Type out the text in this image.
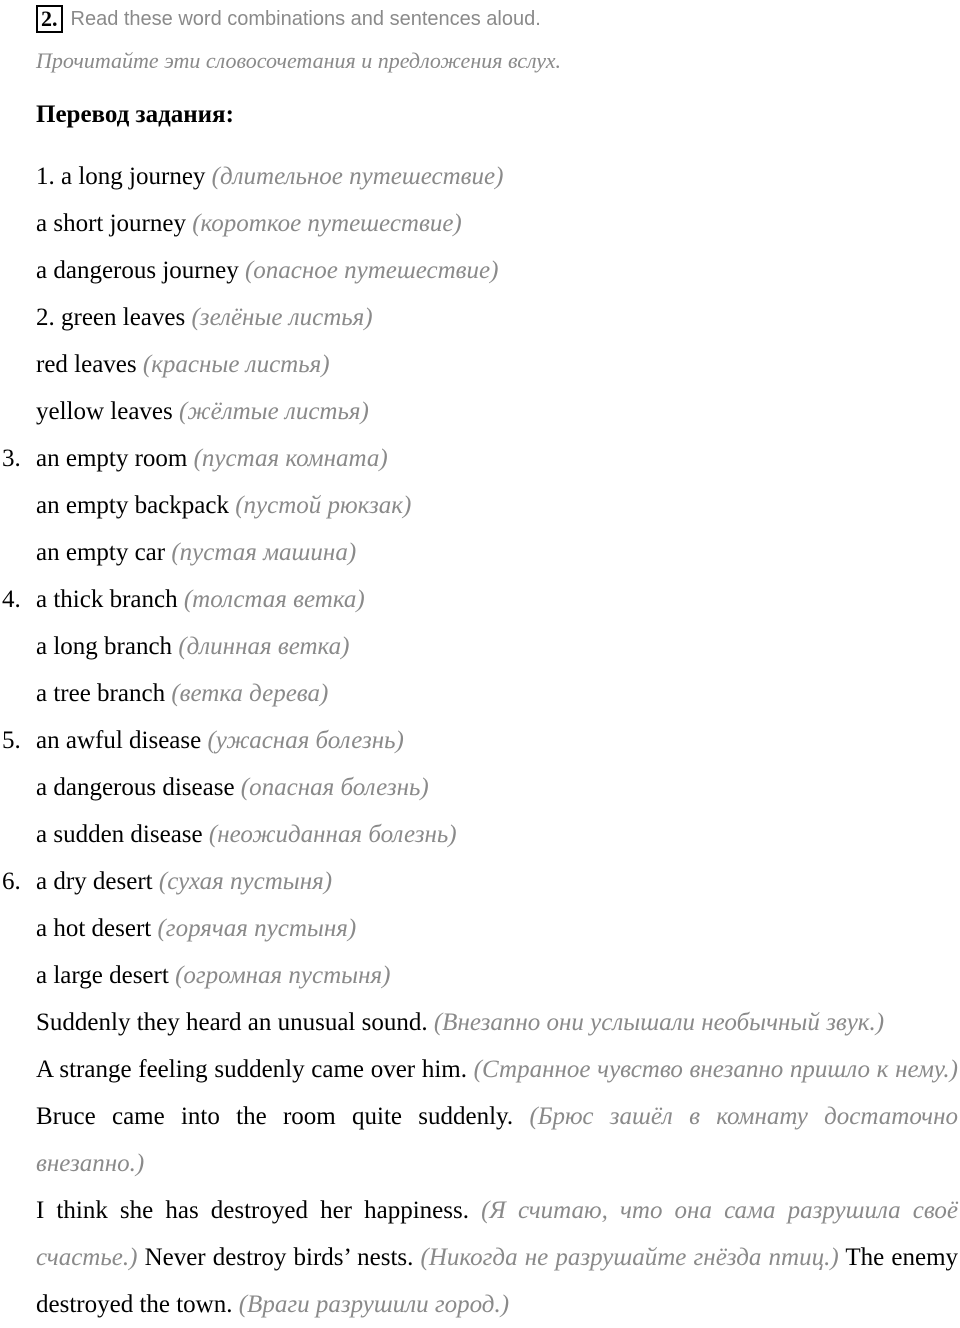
2. Read these word combinations and sentences aloud.
Прочитайте эти словосочетания и предложения вслух.
Перевод задания:
1. a long journey (длительное путешествие)
a short journey (короткое путешествие)
a dangerous journey (опасное путешествие)
2. green leaves (зелёные листья)
red leaves (красные листья)
yellow leaves (жёлтые листья)
3. an empty room (пустая комната)
an empty backpack (пустой рюкзак)
an empty car (пустая машина)
4. a thick branch (толстая ветка)
a long branch (длинная ветка)
a tree branch (ветка дерева)
5. an awful disease (ужасная болезнь)
a dangerous disease (опасная болезнь)
a sudden disease (неожиданная болезнь)
6. a dry desert (сухая пустыня)
a hot desert (горячая пустыня)
a large desert (огромная пустыня)
Suddenly they heard an unusual sound. (Внезапно они услышали необычный звук.)
A strange feeling suddenly came over him. (Странное чувство внезапно пришло к нему.) Bruce came into the room quite suddenly. (Брюс зашёл в комнату достаточно внезапно.)
I think she has destroyed her happiness. (Я считаю, что она сама разрушила своё счастье.) Never destroy birds’ nests. (Никогда не разрушайте гнёзда птиц.) The enemy destroyed the town. (Враги разрушили город.)
